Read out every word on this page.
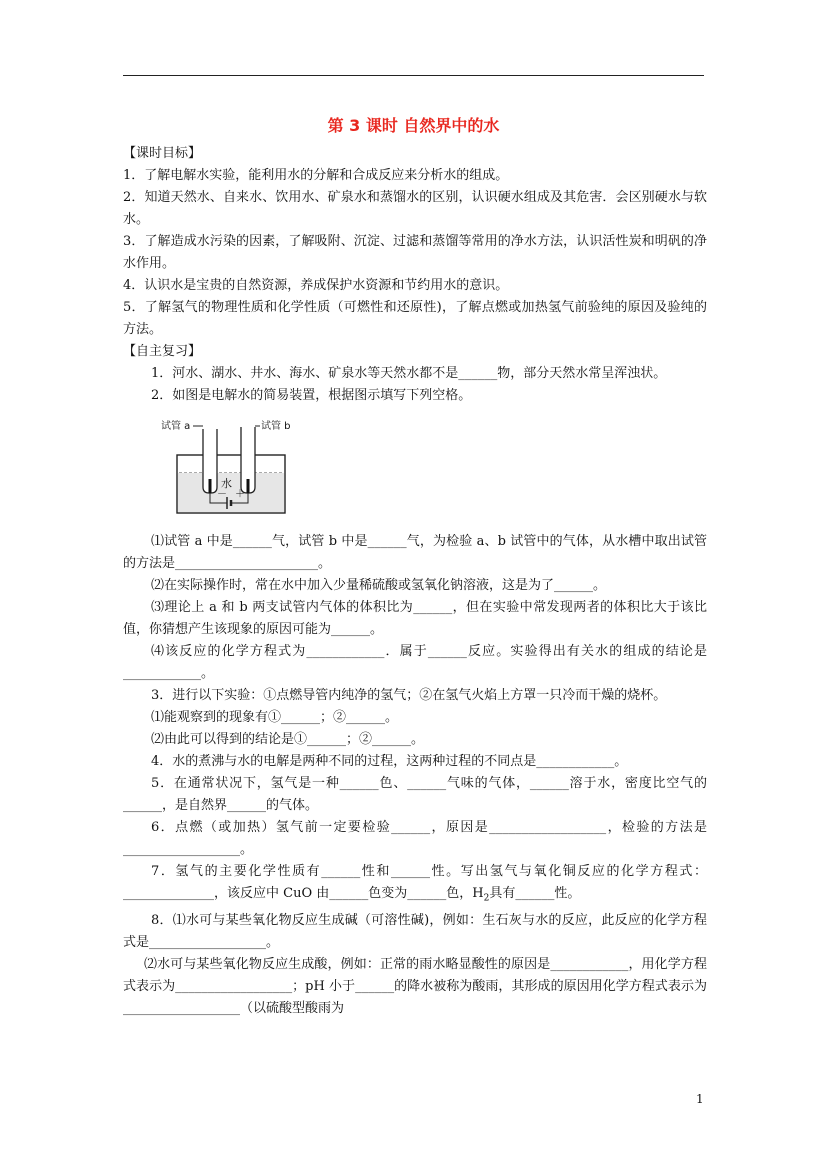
第 3 课时 自然界中的水

【课时目标】

1．了解电解水实验，能利用水的分解和合成反应来分析水的组成。

2．知道天然水、自来水、饮用水、矿泉水和蒸馏水的区别，认识硬水组成及其危害．会区别硬水与软水。

3．了解造成水污染的因素，了解吸附、沉淀、过滤和蒸馏等常用的净水方法，认识活性炭和明矾的净水作用。

4．认识水是宝贵的自然资源，养成保护水资源和节约用水的意识。

5．了解氢气的物理性质和化学性质（可燃性和还原性)，了解点燃或加热氢气前验纯的原因及验纯的方法。

【自主复习】

1．河水、湖水、井水、海水、矿泉水等天然水都不是______物，部分天然水常呈浑浊状。

2．如图是电解水的简易装置，根据图示填写下列空格。

－ ＋
水
试管 a	试管 b

⑴试管 a 中是______气，试管 b 中是______气，为检验 a、b 试管中的气体，从水槽中取出试管的方法是______________________。

⑵在实际操作时，常在水中加入少量稀硫酸或氢氧化钠溶液，这是为了______。

⑶理论上 a 和 b 两支试管内气体的体积比为______，但在实验中常发现两者的体积比大于该比值，你猜想产生该现象的原因可能为______。

⑷该反应的化学方程式为____________．属于______反应。实验得出有关水的组成的结论是____________。

3．进行以下实验：①点燃导管内纯净的氢气；②在氢气火焰上方罩一只冷而干燥的烧杯。

⑴能观察到的现象有①______；②______。

⑵由此可以得到的结论是①______；②______。

4．水的煮沸与水的电解是两种不同的过程，这两种过程的不同点是____________。

5．在通常状况下，氢气是一种______色、______气味的气体，______溶于水，密度比空气的______，是自然界______的气体。

6．点燃（或加热）氢气前一定要检验______，原因是__________________，检验的方法是__________________。

7．氢气的主要化学性质有______性和______性。写出氢气与氧化铜反应的化学方程式：______________，该反应中 CuO 由______色变为______色，$H_2$具有______性。

8．⑴水可与某些氧化物反应生成碱（可溶性碱)，例如：生石灰与水的反应，此反应的化学方程式是__________________。

⑵水可与某些氧化物反应生成酸，例如：正常的雨水略显酸性的原因是____________，用化学方程式表示为__________________；pH 小于______的降水被称为酸雨，其形成的原因用化学方程式表示为__________________（以硫酸型酸雨为

1
